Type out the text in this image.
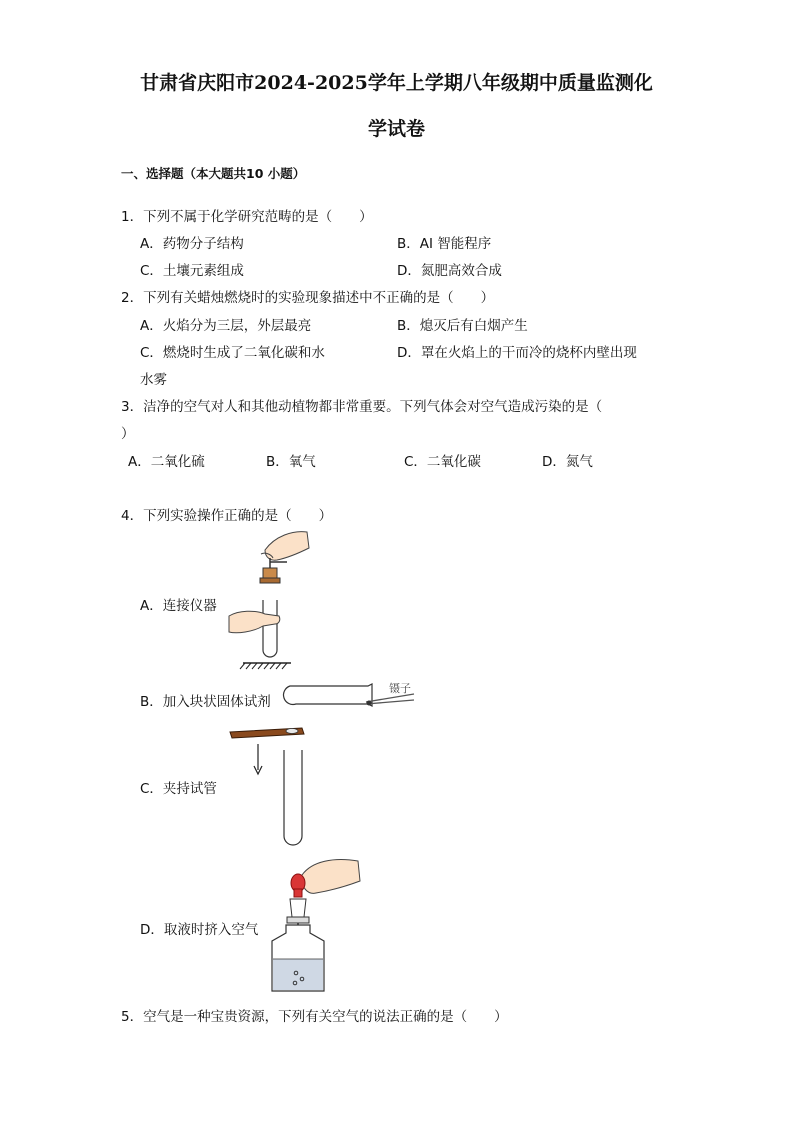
甘肃省庆阳市2024-2025学年上学期八年级期中质量监测化
学试卷
一、选择题（本大题共10 小题）
1．下列不属于化学研究范畴的是（　　）
A．药物分子结构	B．AI 智能程序
C．土壤元素组成	D．氮肥高效合成
2．下列有关蜡烛燃烧时的实验现象描述中不正确的是（　　）
A．火焰分为三层，外层最亮	B．熄灭后有白烟产生
C．燃烧时生成了二氧化碳和水	D．罩在火焰上的干而冷的烧杯内壁出现
水雾
3．洁净的空气对人和其他动植物都非常重要。下列气体会对空气造成污染的是（
）
A．二氧化硫	B．氧气	C．二氧化碳	D．氮气
4．下列实验操作正确的是（　　）
A．连接仪器
B．加入块状固体试剂
镊子
C．夹持试管
D．取液时挤入空气
5．空气是一种宝贵资源，下列有关空气的说法正确的是（　　）
